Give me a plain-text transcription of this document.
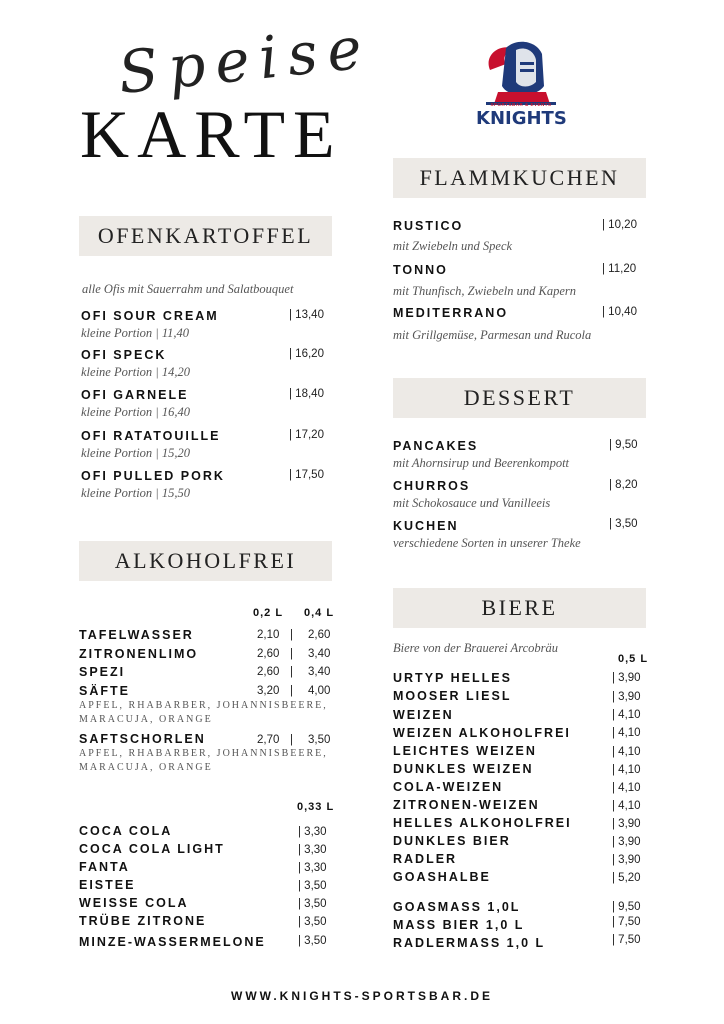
Speise
KARTE	SPORTSBAR & EVENTS
KNIGHTS
OFENKARTOFFEL
alle Ofis mit Sauerrahm und Salatbouquet
OFI SOUR CREAM	| 13,40
kleine Portion | 11,40
OFI SPECK	| 16,20
kleine Portion | 14,20
OFI GARNELE	| 18,40
kleine Portion | 16,40
OFI RATATOUILLE	| 17,20
kleine Portion | 15,20
OFI PULLED PORK	| 17,50
kleine Portion | 15,50
ALKOHOLFREI
0,2 L 0,4 L
TAFELWASSER	2,10 | 2,60
ZITRONENLIMO	2,60 | 3,40
SPEZI	2,60 | 3,40
SÄFTE	3,20 | 4,00
APFEL, RHABARBER, JOHANNISBEERE,
MARACUJA, ORANGE
SAFTSCHORLEN	2,70 | 3,50
APFEL, RHABARBER, JOHANNISBEERE,
MARACUJA, ORANGE
0,33 L
COCA COLA	| 3,30
COCA COLA LIGHT	| 3,30
FANTA	| 3,30
EISTEE	| 3,50
WEISSE COLA	| 3,50
TRÜBE ZITRONE	| 3,50
MINZE-WASSERMELONE	| 3,50
FLAMMKUCHEN
RUSTICO	| 10,20
mit Zwiebeln und Speck
TONNO	| 11,20
mit Thunfisch, Zwiebeln und Kapern
MEDITERRANO	| 10,40
mit Grillgemüse, Parmesan und Rucola
DESSERT
PANCAKES	| 9,50
mit Ahornsirup und Beerenkompott
CHURROS	| 8,20
mit Schokosauce und Vanilleeis
KUCHEN	| 3,50
verschiedene Sorten in unserer Theke
BIERE
Biere von der Brauerei Arcobräu
0,5 L
URTYP HELLES	| 3,90
MOOSER LIESL	| 3,90
WEIZEN	| 4,10
WEIZEN ALKOHOLFREI	| 4,10
LEICHTES WEIZEN	| 4,10
DUNKLES WEIZEN	| 4,10
COLA-WEIZEN	| 4,10
ZITRONEN-WEIZEN	| 4,10
HELLES ALKOHOLFREI	| 3,90
DUNKLES BIER	| 3,90
RADLER	| 3,90
GOASHALBE	| 5,20
GOASMASS 1,0L	| 9,50
MASS BIER 1,0 L	| 7,50
RADLERMASS 1,0 L	| 7,50
WWW.KNIGHTS-SPORTSBAR.DE
